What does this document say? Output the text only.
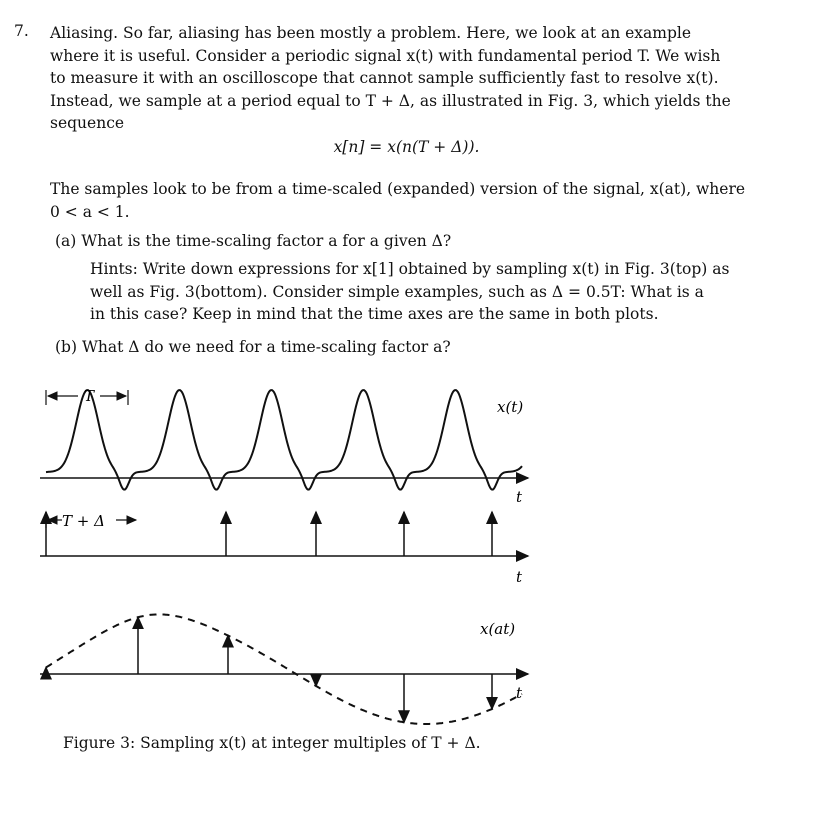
7. Aliasing. So far, aliasing has been mostly a problem. Here, we look at an example
where it is useful. Consider a periodic signal x(t) with fundamental period T. We wish
to measure it with an oscilloscope that cannot sample sufficiently fast to resolve x(t).
Instead, we sample at a period equal to T + Δ, as illustrated in Fig. 3, which yields the
sequence
x[n] = x(n(T + Δ)).
The samples look to be from a time-scaled (expanded) version of the signal, x(at), where
0 < a < 1.
(a) What is the time-scaling factor a for a given Δ?
Hints: Write down expressions for x[1] obtained by sampling x(t) in Fig. 3(top) as
well as Fig. 3(bottom). Consider simple examples, such as Δ = 0.5T: What is a
in this case? Keep in mind that the time axes are the same in both plots.
(b) What Δ do we need for a time-scaling factor a?
T
x(t)
t
T + Δ
t
x(at)
t
Figure 3: Sampling x(t) at integer multiples of T + Δ.
